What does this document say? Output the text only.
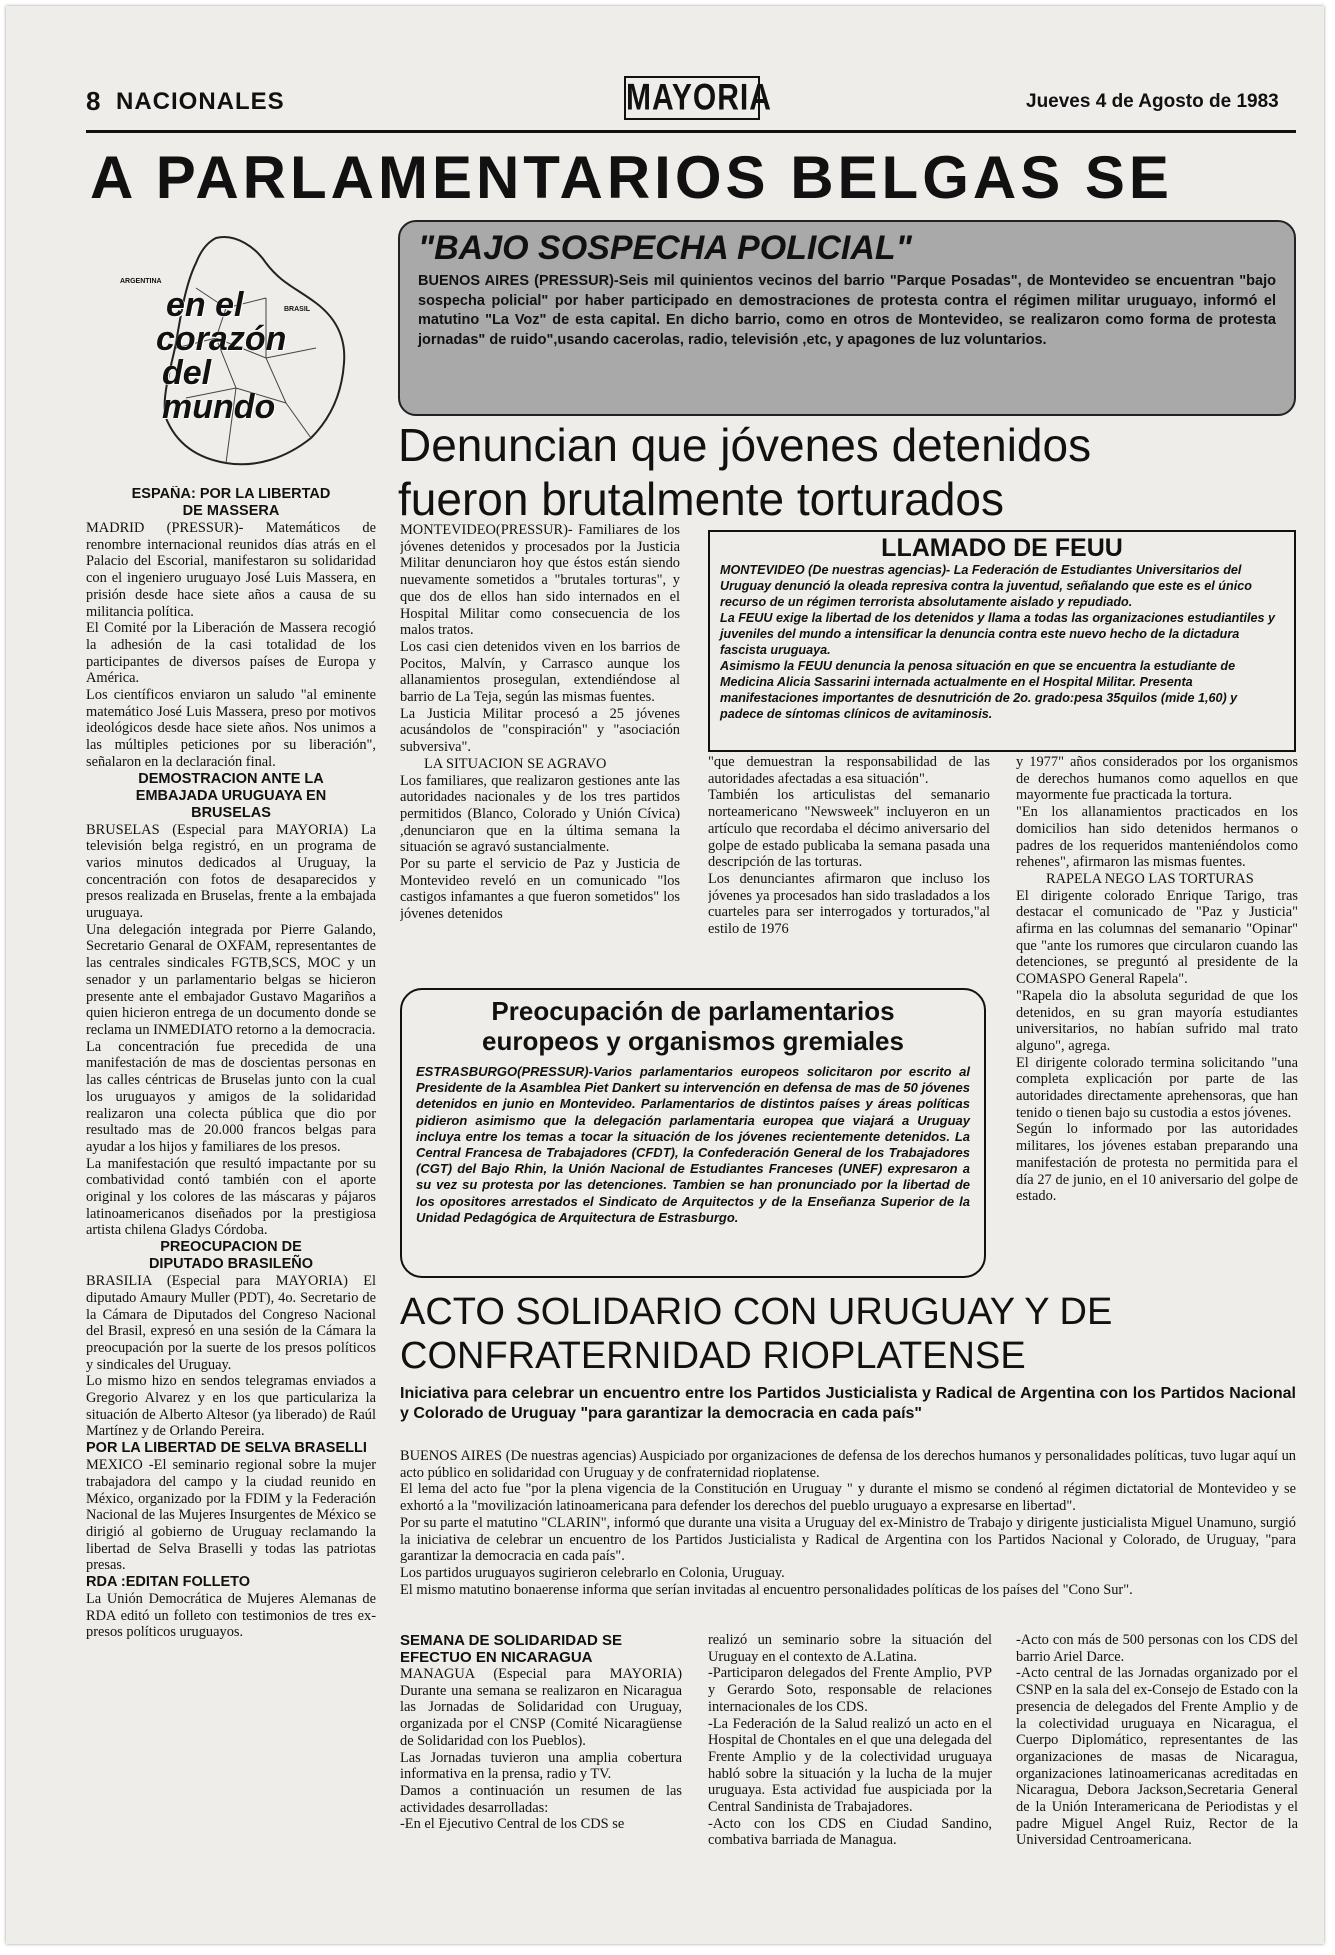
8 NACIONALES	MAYORIA	Jueves 4 de Agosto de 1983
A PARLAMENTARIOS BELGAS SE
ARGENTINA
BRASIL
en el
corazón
del mundo

ESPAÑA: POR LA LIBERTAD DE MASSERA

MADRID (PRESSUR)- Matemáticos de renombre internacional reunidos días atrás en el Palacio del Escorial, manifestaron su solidaridad con el ingeniero uruguayo José Luis Massera, en prisión desde hace siete años a causa de su militancia política.

El Comité por la Liberación de Massera recogió la adhesión de la casi totalidad de los participantes de diversos países de Europa y América.

Los científicos enviaron un saludo "al eminente matemático José Luis Massera, preso por motivos ideológicos desde hace siete años. Nos unimos a las múltiples peticiones por su liberación", señalaron en la declaración final.

DEMOSTRACION ANTE LA EMBAJADA URUGUAYA EN BRUSELAS

BRUSELAS (Especial para MAYORIA) La televisión belga registró, en un programa de varios minutos dedicados al Uruguay, la concentración con fotos de desaparecidos y presos realizada en Bruselas, frente a la embajada uruguaya.

Una delegación integrada por Pierre Galando, Secretario Genaral de OXFAM, representantes de las centrales sindicales FGTB,SCS, MOC y un senador y un parlamentario belgas se hicieron presente ante el embajador Gustavo Magariños a quien hicieron entrega de un documento donde se reclama un INMEDIATO retorno a la democracia.

La concentración fue precedida de una manifestación de mas de doscientas personas en las calles céntricas de Bruselas junto con la cual los uruguayos y amigos de la solidaridad realizaron una colecta pública que dio por resultado mas de 20.000 francos belgas para ayudar a los hijos y familiares de los presos.

La manifestación que resultó impactante por su combatividad contó también con el aporte original y los colores de las máscaras y pájaros latinoamericanos diseñados por la prestigiosa artista chilena Gladys Córdoba.

PREOCUPACION DE DIPUTADO BRASILEÑO

BRASILIA (Especial para MAYORIA) El diputado Amaury Muller (PDT), 4o. Secretario de la Cámara de Diputados del Congreso Nacional del Brasil, expresó en una sesión de la Cámara la preocupación por la suerte de los presos políticos y sindicales del Uruguay.

Lo mismo hizo en sendos telegramas enviados a Gregorio Alvarez y en los que particulariza la situación de Alberto Altesor (ya liberado) de Raúl Martínez y de Orlando Pereira.

POR LA LIBERTAD DE SELVA BRASELLI

MEXICO -El seminario regional sobre la mujer trabajadora del campo y la ciudad reunido en México, organizado por la FDIM y la Federación Nacional de las Mujeres Insurgentes de México se dirigió al gobierno de Uruguay reclamando la libertad de Selva Braselli y todas las patriotas presas.

RDA :EDITAN FOLLETO

La Unión Democrática de Mujeres Alemanas de RDA editó un folleto con testimonios de tres ex-presos políticos uruguayos.

"BAJO SOSPECHA POLICIAL"
BUENOS AIRES (PRESSUR)-Seis mil quinientos vecinos del barrio "Parque Posadas", de Montevideo se encuentran "bajo sospecha policial" por haber participado en demostraciones de protesta contra el régimen militar uruguayo, informó el matutino "La Voz" de esta capital. En dicho barrio, como en otros de Montevideo, se realizaron como forma de protesta jornadas" de ruido",usando cacerolas, radio, televisión ,etc, y apagones de luz voluntarios.
Denuncian que jóvenes detenidos
fueron brutalmente torturados

MONTEVIDEO(PRESSUR)- Familiares de los jóvenes detenidos y procesados por la Justicia Militar denunciaron hoy que éstos están siendo nuevamente sometidos a "brutales torturas", y que dos de ellos han sido internados en el Hospital Militar como consecuencia de los malos tratos.

Los casi cien detenidos viven en los barrios de Pocitos, Malvín, y Carrasco aunque los allanamientos prosegulan, extendiéndose al barrio de La Teja, según las mismas fuentes.

La Justicia Militar procesó a 25 jóvenes acusándolos de "conspiración" y "asociación subversiva".

LA SITUACION SE AGRAVO

Los familiares, que realizaron gestiones ante las autoridades nacionales y de los tres partidos permitidos (Blanco, Colorado y Unión Cívica) ,denunciaron que en la última semana la situación se agravó sustancialmente.

Por su parte el servicio de Paz y Justicia de Montevideo reveló en un comunicado "los castigos infamantes a que fueron sometidos" los jóvenes detenidos

LLAMADO DE FEUU

MONTEVIDEO (De nuestras agencias)- La Federación de Estudiantes Universitarios del Uruguay denunció la oleada represiva contra la juventud, señalando que este es el único recurso de un régimen terrorista absolutamente aislado y repudiado.

La FEUU exige la libertad de los detenidos y llama a todas las organizaciones estudiantiles y juveniles del mundo a intensificar la denuncia contra este nuevo hecho de la dictadura fascista uruguaya.

Asimismo la FEUU denuncia la penosa situación en que se encuentra la estudiante de Medicina Alicia Sassarini internada actualmente en el Hospital Militar. Presenta manifestaciones importantes de desnutrición de 2o. grado:pesa 35quilos (mide 1,60) y padece de síntomas clínicos de avitaminosis.

"que demuestran la responsabilidad de las autoridades afectadas a esa situación".

También los articulistas del semanario norteamericano "Newsweek" incluyeron en un artículo que recordaba el décimo aniversario del golpe de estado publicaba la semana pasada una descripción de las torturas.

Los denunciantes afirmaron que incluso los jóvenes ya procesados han sido trasladados a los cuarteles para ser interrogados y torturados,"al estilo de 1976

y 1977" años considerados por los organismos de derechos humanos como aquellos en que mayormente fue practicada la tortura.

"En los allanamientos practicados en los domicilios han sido detenidos hermanos o padres de los requeridos manteniéndolos como rehenes", afirmaron las mismas fuentes.

RAPELA NEGO LAS TORTURAS

El dirigente colorado Enrique Tarigo, tras destacar el comunicado de "Paz y Justicia" afirma en las columnas del semanario "Opinar" que "ante los rumores que circularon cuando las detenciones, se preguntó al presidente de la COMASPO General Rapela".

"Rapela dio la absoluta seguridad de que los detenidos, en su gran mayoría estudiantes universitarios, no habían sufrido mal trato alguno", agrega.

El dirigente colorado termina solicitando "una completa explicación por parte de las autoridades directamente aprehensoras, que han tenido o tienen bajo su custodia a estos jóvenes.

Según lo informado por las autoridades militares, los jóvenes estaban preparando una manifestación de protesta no permitida para el día 27 de junio, en el 10 aniversario del golpe de estado.

Preocupación de parlamentarios
europeos y organismos gremiales

ESTRASBURGO(PRESSUR)-Varios parlamentarios europeos solicitaron por escrito al Presidente de la Asamblea Piet Dankert su intervención en defensa de mas de 50 jóvenes detenidos en junio en Montevideo. Parlamentarios de distintos países y áreas políticas pidieron asimismo que la delegación parlamentaria europea que viajará a Uruguay incluya entre los temas a tocar la situación de los jóvenes recientemente detenidos. La Central Francesa de Trabajadores (CFDT), la Confederación General de los Trabajadores (CGT) del Bajo Rhin, la Unión Nacional de Estudiantes Franceses (UNEF) expresaron a su vez su protesta por las detenciones. Tambien se han pronunciado por la libertad de los opositores arrestados el Sindicato de Arquitectos y de la Enseñanza Superior de la Unidad Pedagógica de Arquitectura de Estrasburgo.

ACTO SOLIDARIO CON URUGUAY Y DE
CONFRATERNIDAD RIOPLATENSE
Iniciativa para celebrar un encuentro entre los Partidos Justicialista y Radical de Argentina con los Partidos Nacional y Colorado de Uruguay "para garantizar la democracia en cada país"

BUENOS AIRES (De nuestras agencias) Auspiciado por organizaciones de defensa de los derechos humanos y personalidades políticas, tuvo lugar aquí un acto público en solidaridad con Uruguay y de confraternidad rioplatense.

El lema del acto fue "por la plena vigencia de la Constitución en Uruguay " y durante el mismo se condenó al régimen dictatorial de Montevideo y se exhortó a la "movilización latinoamericana para defender los derechos del pueblo uruguayo a expresarse en libertad".

Por su parte el matutino "CLARIN", informó que durante una visita a Uruguay del ex-Ministro de Trabajo y dirigente justicialista Miguel Unamuno, surgió la iniciativa de celebrar un encuentro de los Partidos Justicialista y Radical de Argentina con los Partidos Nacional y Colorado, de Uruguay, "para garantizar la democracia en cada país".

Los partidos uruguayos sugirieron celebrarlo en Colonia, Uruguay.

El mismo matutino bonaerense informa que serían invitadas al encuentro personalidades políticas de los países del "Cono Sur".

SEMANA DE SOLIDARIDAD SE EFECTUO EN NICARAGUA

MANAGUA (Especial para MAYORIA) Durante una semana se realizaron en Nicaragua las Jornadas de Solidaridad con Uruguay, organizada por el CNSP (Comité Nicaragüense de Solidaridad con los Pueblos).

Las Jornadas tuvieron una amplia cobertura informativa en la prensa, radio y TV.

Damos a continuación un resumen de las actividades desarrolladas:

-En el Ejecutivo Central de los CDS se

realizó un seminario sobre la situación del Uruguay en el contexto de A.Latina.

-Participaron delegados del Frente Amplio, PVP y Gerardo Soto, responsable de relaciones internacionales de los CDS.

-La Federación de la Salud realizó un acto en el Hospital de Chontales en el que una delegada del Frente Amplio y de la colectividad uruguaya habló sobre la situación y la lucha de la mujer uruguaya. Esta actividad fue auspiciada por la Central Sandinista de Trabajadores.

-Acto con los CDS en Ciudad Sandino, combativa barriada de Managua.

-Acto con más de 500 personas con los CDS del barrio Ariel Darce.

-Acto central de las Jornadas organizado por el CSNP en la sala del ex-Consejo de Estado con la presencia de delegados del Frente Amplio y de la colectividad uruguaya en Nicaragua, el Cuerpo Diplomático, representantes de las organizaciones de masas de Nicaragua, organizaciones latinoamericanas acreditadas en Nicaragua, Debora Jackson,Secretaria General de la Unión Interamericana de Periodistas y el padre Miguel Angel Ruiz, Rector de la Universidad Centroamericana.
